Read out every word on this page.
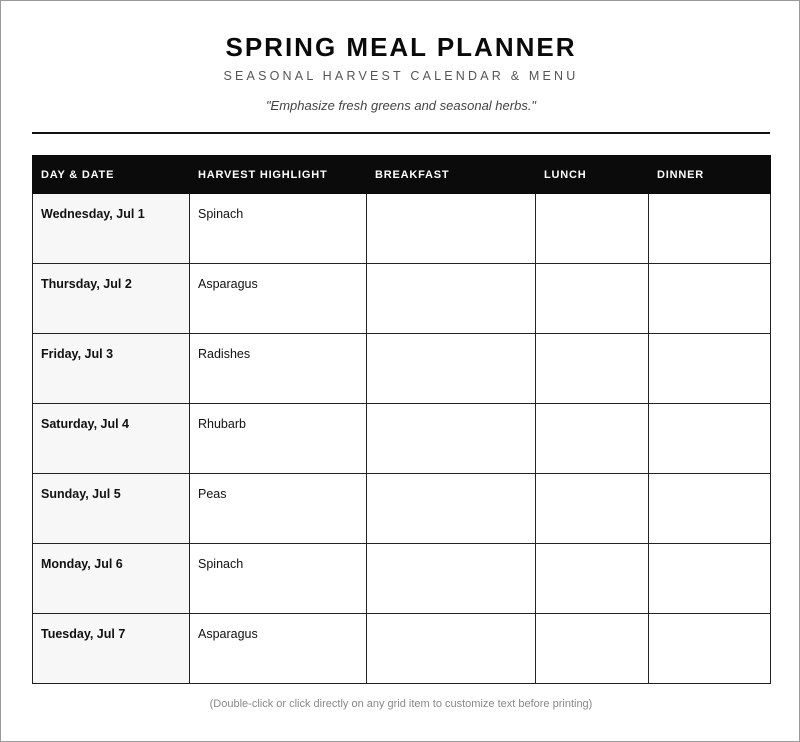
SPRING MEAL PLANNER
SEASONAL HARVEST CALENDAR & MENU
"Emphasize fresh greens and seasonal herbs."
DAY & DATE	HARVEST HIGHLIGHT	BREAKFAST	LUNCH	DINNER
Wednesday, Jul 1	Spinach			
Thursday, Jul 2	Asparagus			
Friday, Jul 3	Radishes			
Saturday, Jul 4	Rhubarb			
Sunday, Jul 5	Peas			
Monday, Jul 6	Spinach			
Tuesday, Jul 7	Asparagus			
(Double-click or click directly on any grid item to customize text before printing)
